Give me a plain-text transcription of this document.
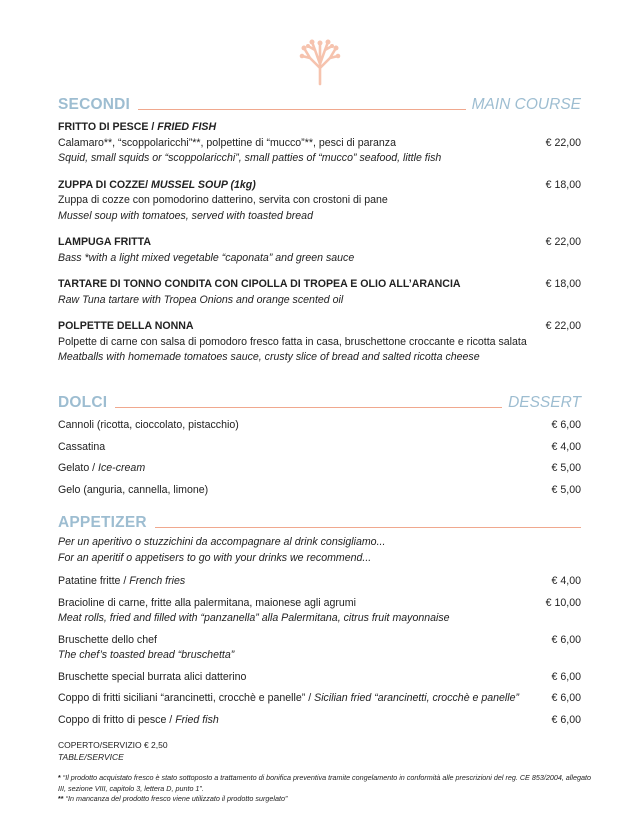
SECONDI	MAIN COURSE
FRITTO DI PESCE / FRIED FISH
Calamaro**, “scoppolaricchi”**, polpettine di “mucco”**, pesci di paranza	€ 22,00
Squid, small squids or “scoppolaricchi”, small patties of “mucco” seafood, little fish
ZUPPA DI COZZE/ MUSSEL SOUP (1kg)	€ 18,00
Zuppa di cozze con pomodorino datterino, servita con crostoni di pane
Mussel soup with tomatoes, served with toasted bread
LAMPUGA FRITTA	€ 22,00
Bass *with a light mixed vegetable “caponata” and green sauce
TARTARE DI TONNO CONDITA CON CIPOLLA DI TROPEA E OLIO ALL’ARANCIA	€ 18,00
Raw Tuna tartare with Tropea Onions and orange scented oil
POLPETTE DELLA NONNA	€ 22,00
Polpette di carne con salsa di pomodoro fresco fatta in casa, bruschettone croccante e ricotta salata
Meatballs with homemade tomatoes sauce, crusty slice of bread and salted ricotta cheese
DOLCI	DESSERT
Cannoli (ricotta, cioccolato, pistacchio)	€ 6,00
Cassatina	€ 4,00
Gelato / Ice-cream	€ 5,00
Gelo (anguria, cannella, limone)	€ 5,00
APPETIZER
Per un aperitivo o stuzzichini da accompagnare al drink consigliamo...
For an aperitif o appetisers to go with your drinks we recommend...
Patatine fritte / French fries	€ 4,00
Bracioline di carne, fritte alla palermitana, maionese agli agrumi	€ 10,00
Meat rolls, fried and filled with “panzanella” alla Palermitana, citrus fruit mayonnaise
Bruschette dello chef	€ 6,00
The chef’s toasted bread “bruschetta”
Bruschette special burrata alici datterino	€ 6,00
Coppo di fritti siciliani “arancinetti, crocchè e panelle” / Sicilian fried “arancinetti, crocchè e panelle”	€ 6,00
Coppo di fritto di pesce / Fried fish	€ 6,00
COPERTO/SERVIZIO € 2,50
TABLE/SERVICE
* “Il prodotto acquistato fresco è stato sottoposto a trattamento di bonifica preventiva tramite congelamento in conformità alle prescrizioni del reg. CE 853/2004, allegato III, sezione VIII, capitolo 3, lettera D, punto 1”.
** “In mancanza del prodotto fresco viene utilizzato il prodotto surgelato”
